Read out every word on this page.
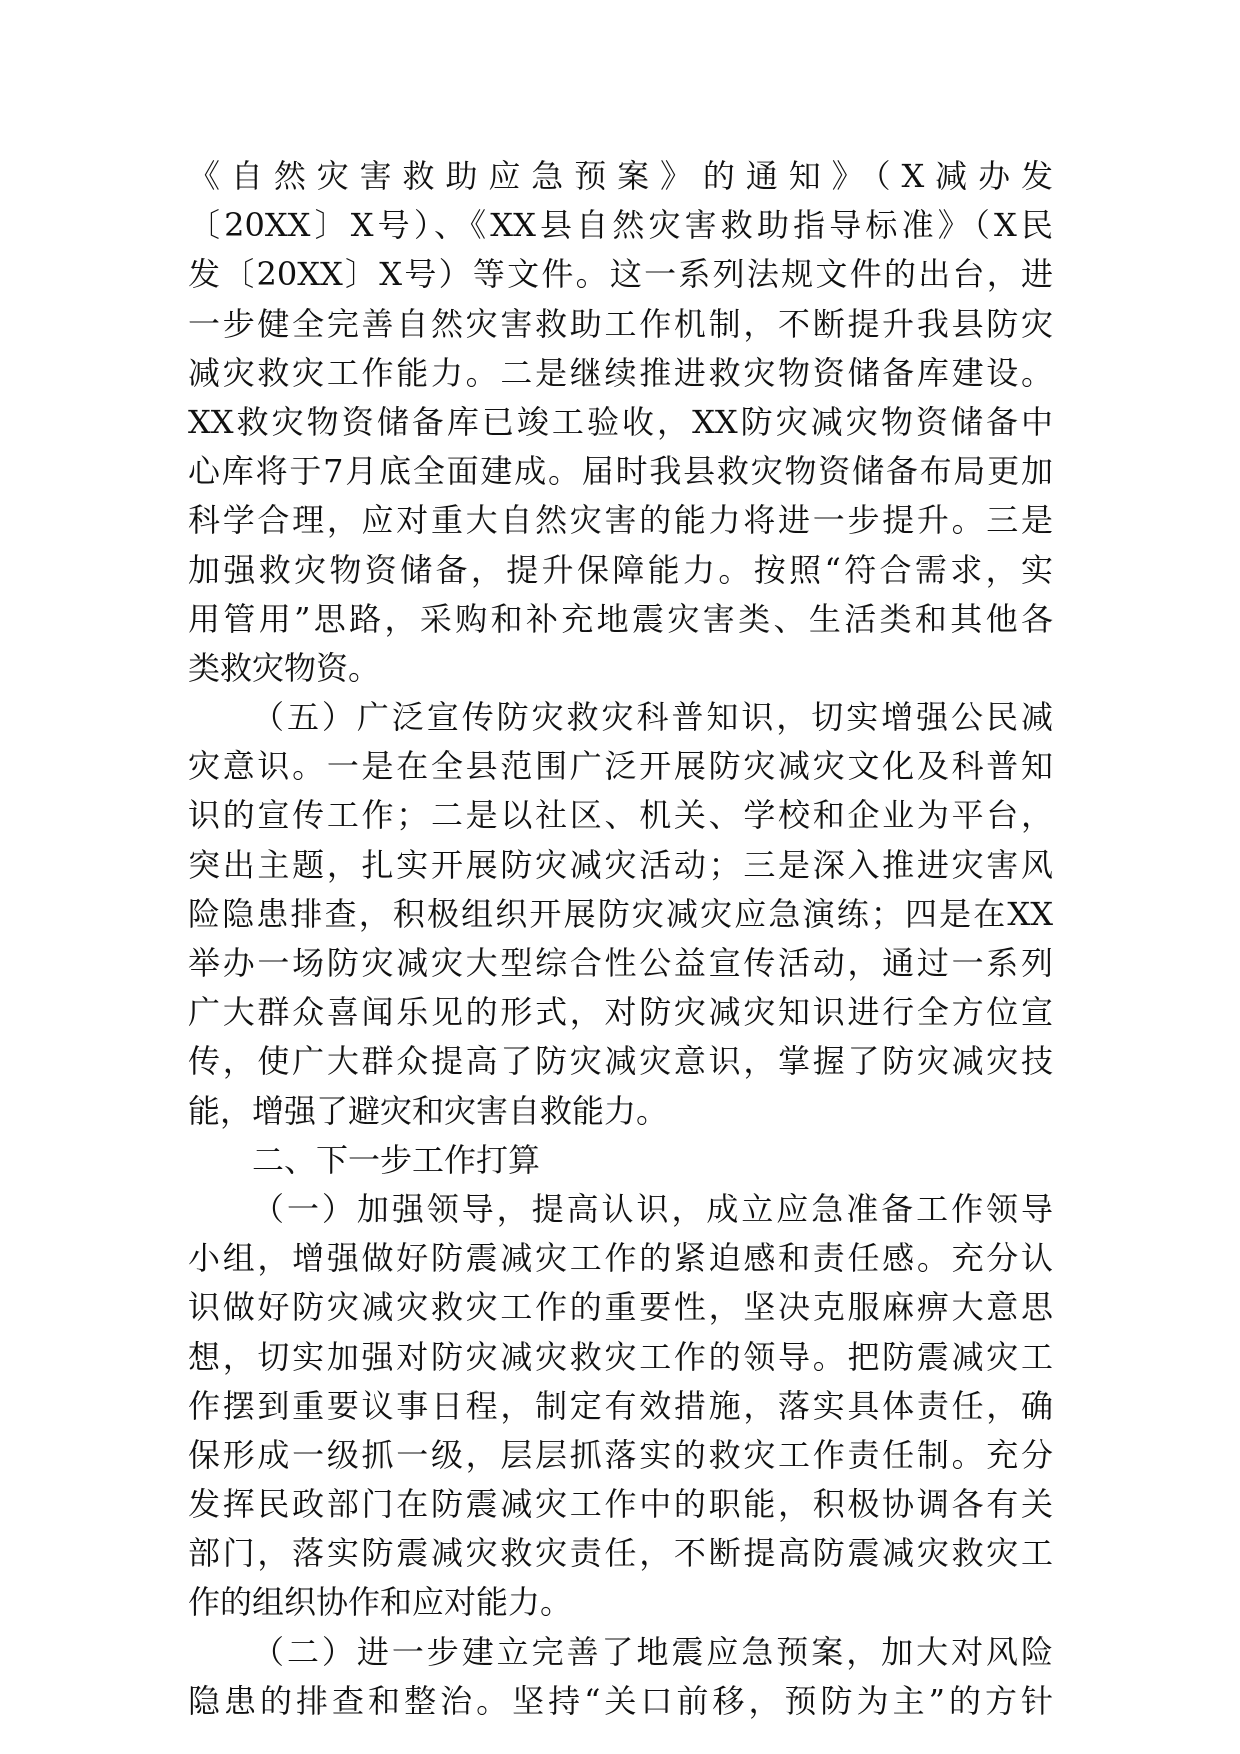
《自然灾害救助应急预案》的通知》（X减办发
〔20XX〕X号）、《XX县自然灾害救助指导标准》（X民
发〔20XX〕X号）等文件。这一系列法规文件的出台，进
一步健全完善自然灾害救助工作机制，不断提升我县防灾
减灾救灾工作能力。二是继续推进救灾物资储备库建设。
XX救灾物资储备库已竣工验收，XX防灾减灾物资储备中
心库将于7月底全面建成。届时我县救灾物资储备布局更加
科学合理，应对重大自然灾害的能力将进一步提升。三是
加强救灾物资储备，提升保障能力。按照“符合需求，实
用管用”思路，采购和补充地震灾害类、生活类和其他各
类救灾物资。
（五）广泛宣传防灾救灾科普知识，切实增强公民减
灾意识。一是在全县范围广泛开展防灾减灾文化及科普知
识的宣传工作；二是以社区、机关、学校和企业为平台，
突出主题，扎实开展防灾减灾活动；三是深入推进灾害风
险隐患排查，积极组织开展防灾减灾应急演练；四是在XX
举办一场防灾减灾大型综合性公益宣传活动，通过一系列
广大群众喜闻乐见的形式，对防灾减灾知识进行全方位宣
传，使广大群众提高了防灾减灾意识，掌握了防灾减灾技
能，增强了避灾和灾害自救能力。
二、下一步工作打算
（一）加强领导，提高认识，成立应急准备工作领导
小组，增强做好防震减灾工作的紧迫感和责任感。充分认
识做好防灾减灾救灾工作的重要性，坚决克服麻痹大意思
想，切实加强对防灾减灾救灾工作的领导。把防震减灾工
作摆到重要议事日程，制定有效措施，落实具体责任，确
保形成一级抓一级，层层抓落实的救灾工作责任制。充分
发挥民政部门在防震减灾工作中的职能，积极协调各有关
部门，落实防震减灾救灾责任，不断提高防震减灾救灾工
作的组织协作和应对能力。
（二）进一步建立完善了地震应急预案，加大对风险
隐患的排查和整治。坚持“关口前移，预防为主”的方针
